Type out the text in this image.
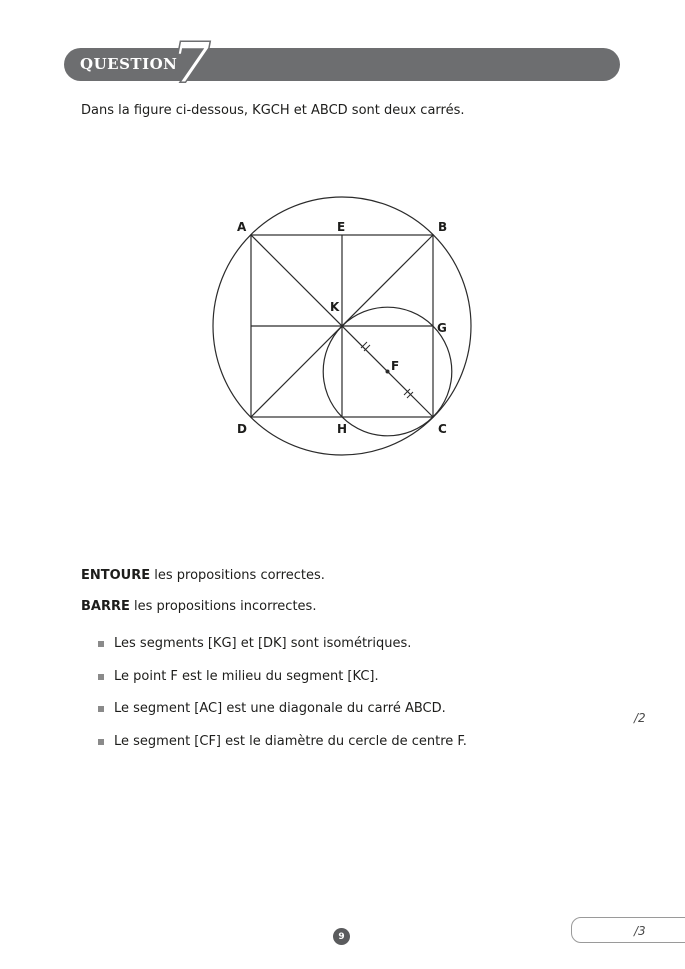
QUESTION
7
Dans la figure ci-dessous, KGCH et ABCD sont deux carrés.
A	E	B
K
G
F
D	H	C
ENTOURE les propositions correctes.
BARRE les propositions incorrectes.
Les segments [KG] et [DK] sont isométriques.
Le point F est le milieu du segment [KC].
Le segment [AC] est une diagonale du carré ABCD.
Le segment [CF] est le diamètre du cercle de centre F.
/2
/3
9
